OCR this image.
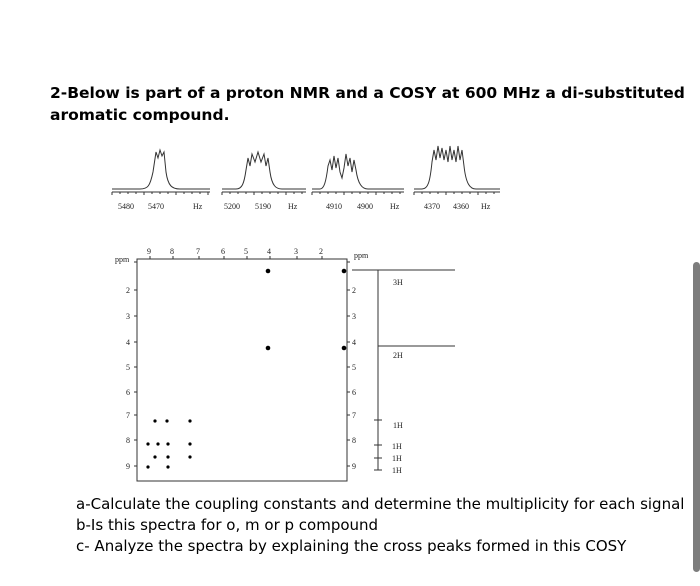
2-Below is part of a proton NMR and a COSY at 600 MHz a di-substituted aromatic compound.

5480 5470	Hz	5200 5190 Hz	4910 4900 Hz	4370 4360 Hz
ppm	ppm
9 8	7	6 5 4	3	2
2
3
4
5
6
7
8
9
2
3
4
5
6
7
8
9
3H
2H
1H
1H
1H
1H
a-Calculate the coupling constants and determine the multiplicity for each signal
b-Is this spectra for o, m or p compound
c- Analyze the spectra by explaining the cross peaks formed in this COSY
